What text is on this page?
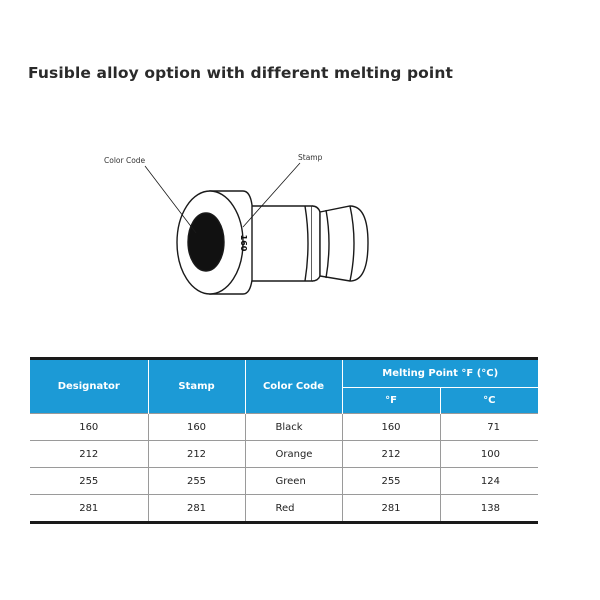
Fusible alloy option with different melting point
160
Color Code	Stamp
Designator	Stamp	Color Code	Melting Point °F (°C)	
			°F	°C
160	160	Black	160	71
212	212	Orange	212	100
255	255	Green	255	124
281	281	Red	281	138
